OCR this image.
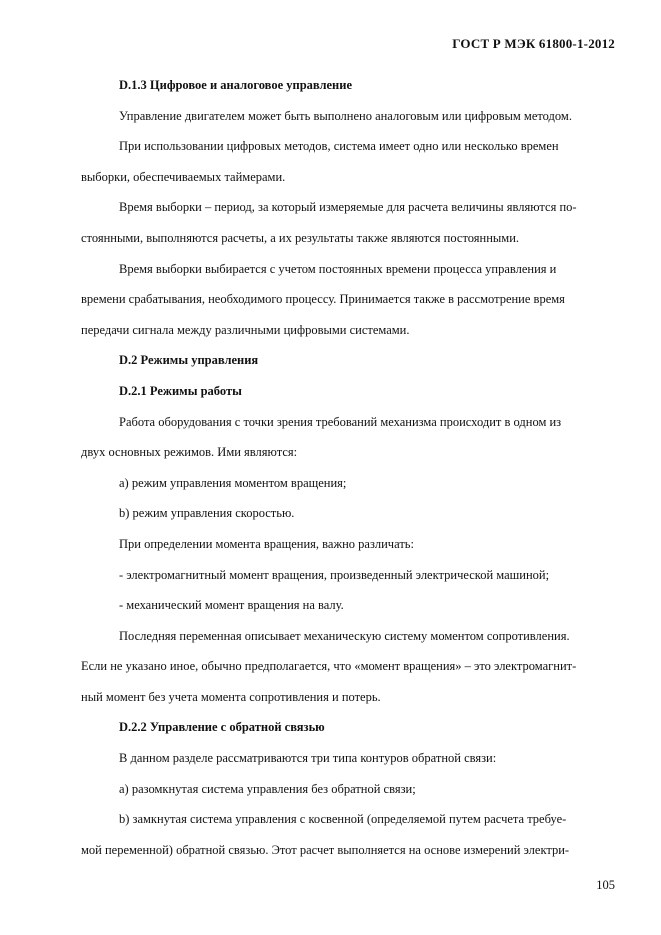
ГОСТ Р МЭК 61800-1-2012

D.1.3 Цифровое и аналоговое управление

Управление двигателем может быть выполнено аналоговым или цифровым методом.

При использовании цифровых методов, система имеет одно или несколько времен
выборки, обеспечиваемых таймерами.

Время выборки – период, за который измеряемые для расчета величины являются по-
стоянными, выполняются расчеты, а их результаты также являются постоянными.

Время выборки выбирается с учетом постоянных времени процесса управления и
времени срабатывания, необходимого процессу. Принимается также в рассмотрение время
передачи сигнала между различными цифровыми системами.

D.2 Режимы управления

D.2.1 Режимы работы

Работа оборудования с точки зрения требований механизма происходит в одном из
двух основных режимов. Ими являются:

a) режим управления моментом вращения;

b) режим управления скоростью.

При определении момента вращения, важно различать:

- электромагнитный момент вращения, произведенный электрической машиной;

- механический момент вращения на валу.

Последняя переменная описывает механическую систему моментом сопротивления.
Если не указано иное, обычно предполагается, что «момент вращения» – это электромагнит-
ный момент без учета момента сопротивления и потерь.

D.2.2 Управление с обратной связью

В данном разделе рассматриваются три типа контуров обратной связи:

a) разомкнутая система управления без обратной связи;

b) замкнутая система управления с косвенной (определяемой путем расчета требуе-
мой переменной) обратной связью. Этот расчет выполняется на основе измерений электри-

105
